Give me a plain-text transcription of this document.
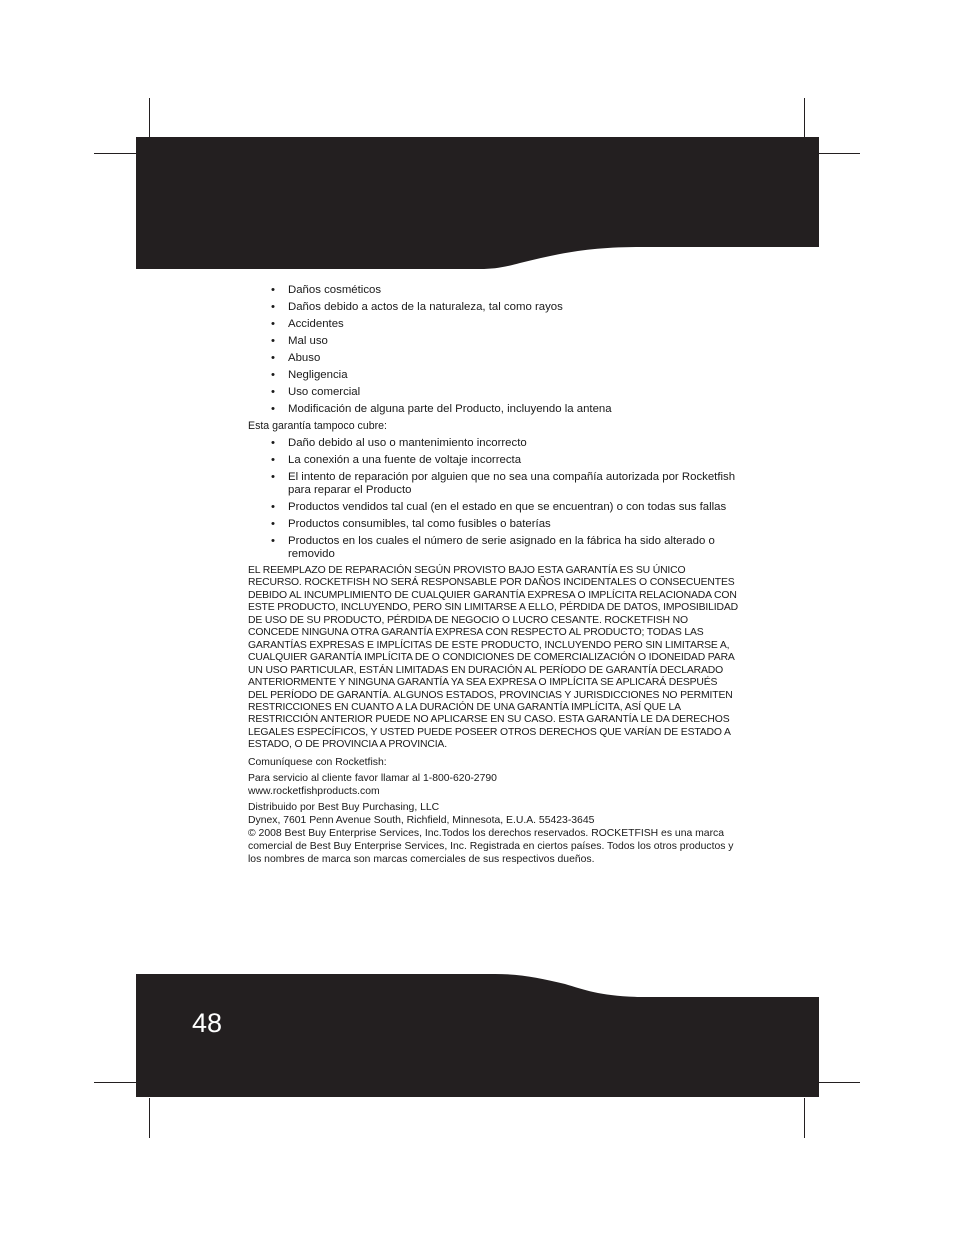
• Daños cosméticos
• Daños debido a actos de la naturaleza, tal como rayos
• Accidentes
• Mal uso
• Abuso
• Negligencia
• Uso comercial
• Modificación de alguna parte del Producto, incluyendo la antena

Esta garantía tampoco cubre:

• Daño debido al uso o mantenimiento incorrecto
• La conexión a una fuente de voltaje incorrecta
• El intento de reparación por alguien que no sea una compañía autorizada por Rocketfish para reparar el Producto
• Productos vendidos tal cual (en el estado en que se encuentran) o con todas sus fallas
• Productos consumibles, tal como fusibles o baterías
• Productos en los cuales el número de serie asignado en la fábrica ha sido alterado o removido

EL REEMPLAZO DE REPARACIÓN SEGÚN PROVISTO BAJO ESTA GARANTÍA ES SU ÚNICO RECURSO. ROCKETFISH NO SERÁ RESPONSABLE POR DAÑOS INCIDENTALES O CONSECUENTES DEBIDO AL INCUMPLIMIENTO DE CUALQUIER GARANTÍA EXPRESA O IMPLÍCITA RELACIONADA CON ESTE PRODUCTO, INCLUYENDO, PERO SIN LIMITARSE A ELLO, PÉRDIDA DE DATOS, IMPOSIBILIDAD DE USO DE SU PRODUCTO, PÉRDIDA DE NEGOCIO O LUCRO CESANTE. ROCKETFISH NO CONCEDE NINGUNA OTRA GARANTÍA EXPRESA CON RESPECTO AL PRODUCTO; TODAS LAS GARANTÍAS EXPRESAS E IMPLÍCITAS DE ESTE PRODUCTO, INCLUYENDO PERO SIN LIMITARSE A, CUALQUIER GARANTÍA IMPLÍCITA DE O CONDICIONES DE COMERCIALIZACIÓN O IDONEIDAD PARA UN USO PARTICULAR, ESTÁN LIMITADAS EN DURACIÓN AL PERÍODO DE GARANTÍA DECLARADO ANTERIORMENTE Y NINGUNA GARANTÍA YA SEA EXPRESA O IMPLÍCITA SE APLICARÁ DESPUÉS DEL PERÍODO DE GARANTÍA. ALGUNOS ESTADOS, PROVINCIAS Y JURISDICCIONES NO PERMITEN RESTRICCIONES EN CUANTO A LA DURACIÓN DE UNA GARANTÍA IMPLÍCITA, ASÍ QUE LA RESTRICCIÓN ANTERIOR PUEDE NO APLICARSE EN SU CASO. ESTA GARANTÍA LE DA DERECHOS LEGALES ESPECÍFICOS, Y USTED PUEDE POSEER OTROS DERECHOS QUE VARÍAN DE ESTADO A ESTADO, O DE PROVINCIA A PROVINCIA.

Comuníquese con Rocketfish:

Para servicio al cliente favor llamar al 1-800-620-2790

www.rocketfishproducts.com

Distribuido por Best Buy Purchasing, LLC

Dynex, 7601 Penn Avenue South, Richfield, Minnesota, E.U.A. 55423-3645

© 2008 Best Buy Enterprise Services, Inc.Todos los derechos reservados. ROCKETFISH es una marca comercial de Best Buy Enterprise Services, Inc. Registrada en ciertos países. Todos los otros productos y los nombres de marca son marcas comerciales de sus respectivos dueños.

48
